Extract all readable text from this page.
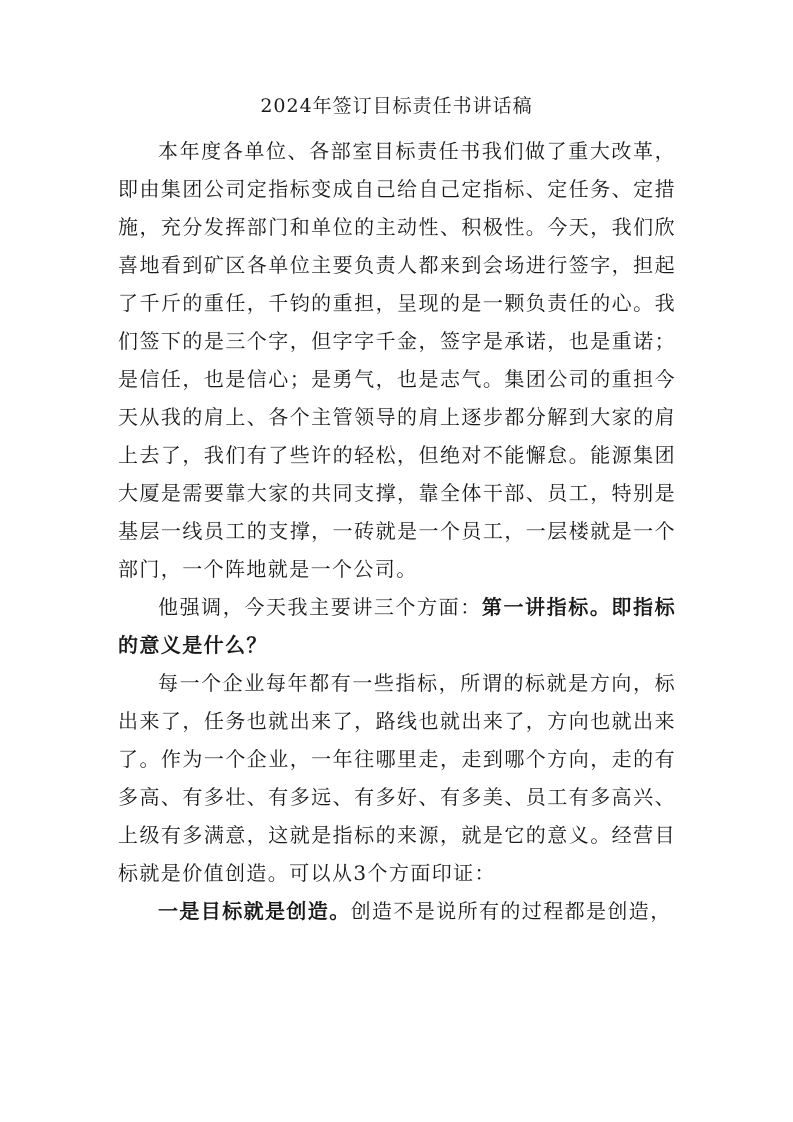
2024年签订目标责任书讲话稿

本年度各单位、各部室目标责任书我们做了重大改革，即由集团公司定指标变成自己给自己定指标、定任务、定措施，充分发挥部门和单位的主动性、积极性。今天，我们欣喜地看到矿区各单位主要负责人都来到会场进行签字，担起了千斤的重任，千钧的重担，呈现的是一颗负责任的心。我们签下的是三个字，但字字千金，签字是承诺，也是重诺；是信任，也是信心；是勇气，也是志气。集团公司的重担今天从我的肩上、各个主管领导的肩上逐步都分解到大家的肩上去了，我们有了些许的轻松，但绝对不能懈怠。能源集团大厦是需要靠大家的共同支撑，靠全体干部、员工，特别是基层一线员工的支撑，一砖就是一个员工，一层楼就是一个部门，一个阵地就是一个公司。

他强调，今天我主要讲三个方面：第一讲指标。即指标的意义是什么？

每一个企业每年都有一些指标，所谓的标就是方向，标出来了，任务也就出来了，路线也就出来了，方向也就出来了。作为一个企业，一年往哪里走，走到哪个方向，走的有多高、有多壮、有多远、有多好、有多美、员工有多高兴、上级有多满意，这就是指标的来源，就是它的意义。经营目标就是价值创造。可以从3个方面印证：

一是目标就是创造。创造不是说所有的过程都是创造，
